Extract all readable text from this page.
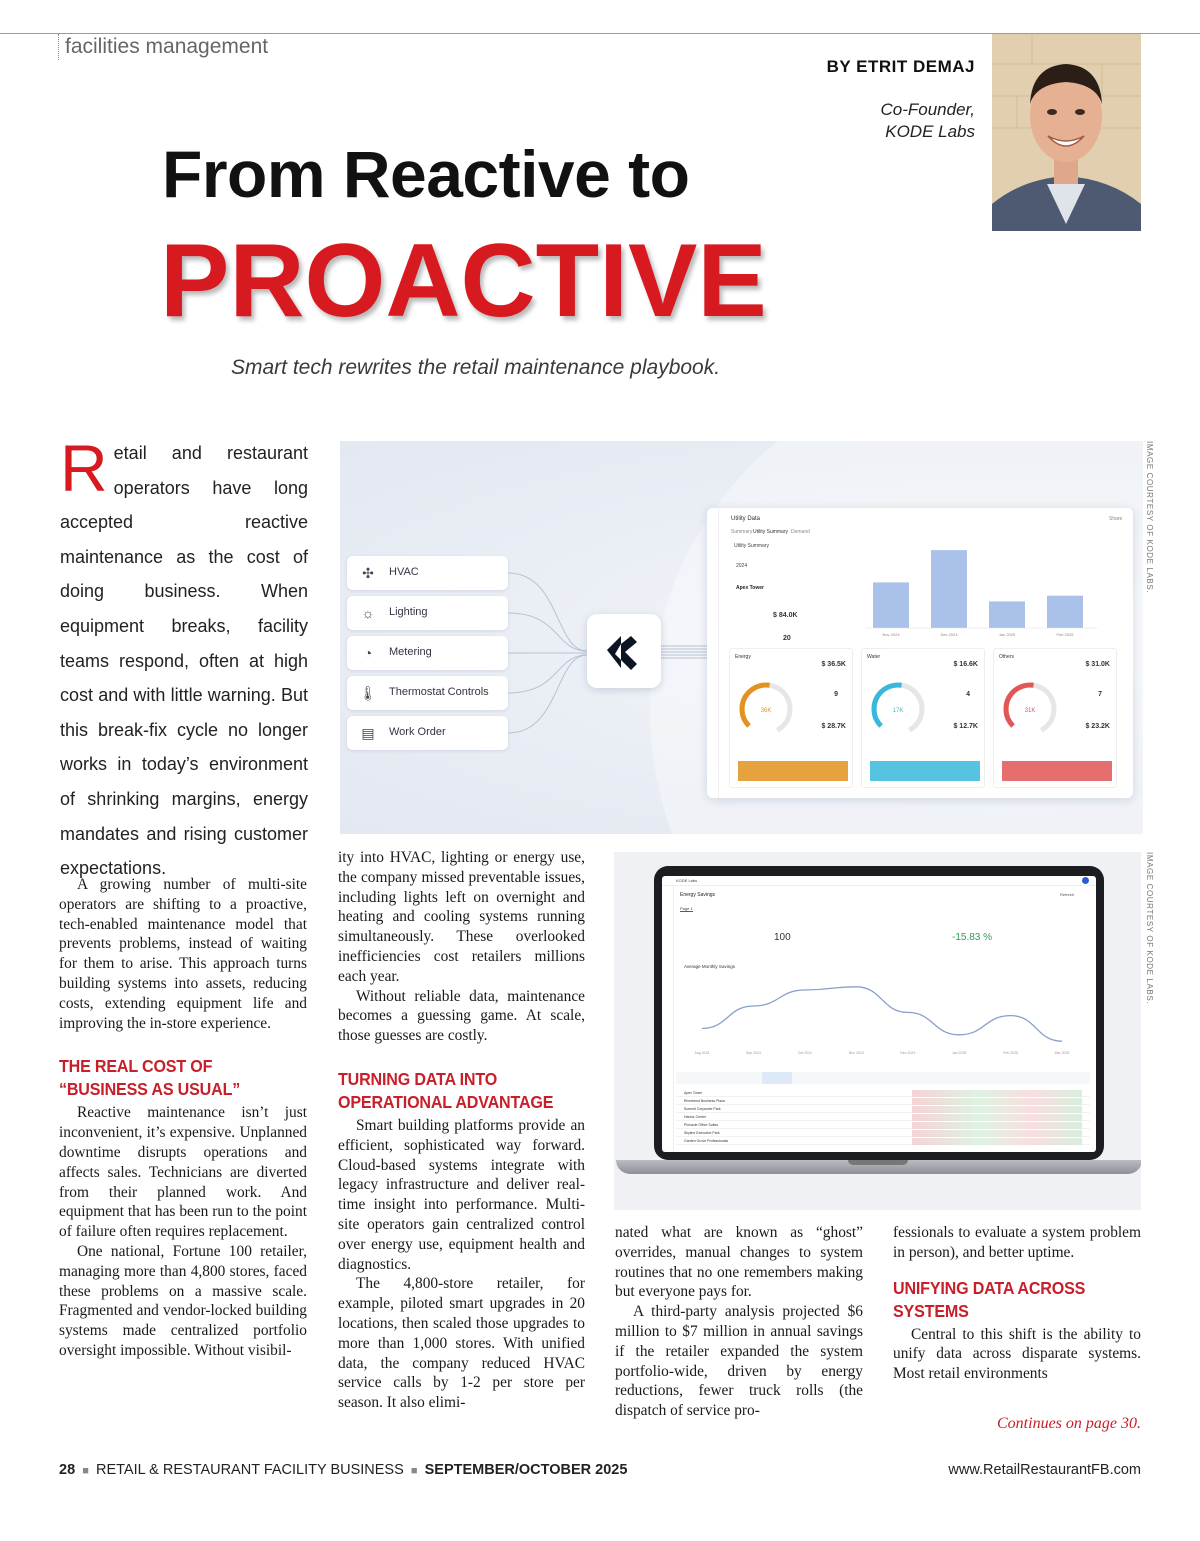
facilities management
BY ETRIT DEMAJ
Co-Founder,
KODE Labs
From Reactive to
PROACTIVE
Smart tech rewrites the retail maintenance playbook.
Retail and restaurant operators have long accepted reactive maintenance as the cost of doing business. When equipment breaks, facility teams respond, often at high cost and with little warning. But this break-fix cycle no longer works in today’s environment of shrinking margins, energy mandates and rising customer expectations.

A growing number of multi-site operators are shifting to a proactive, tech-enabled maintenance model that prevents problems, instead of waiting for them to arise. This approach turns building systems into assets, reducing costs, extending equipment life and improving the in-store experience.

THE REAL COST OF “BUSINESS AS USUAL”

Reactive maintenance isn’t just inconvenient, it’s expensive. Unplanned downtime disrupts operations and affects sales. Technicians are diverted from their planned work. And equipment that has been run to the point of failure often requires replacement.

One national, Fortune 100 retailer, managing more than 4,800 stores, faced these problems on a massive scale. Fragmented and vendor-locked building systems made centralized portfolio oversight impossible. Without visibil-

ity into HVAC, lighting or energy use, the company missed preventable issues, including lights left on overnight and heating and cooling systems running simultaneously. These overlooked inefficiencies cost retailers millions each year.

Without reliable data, maintenance becomes a guessing game. At scale, those guesses are costly.

TURNING DATA INTO OPERATIONAL ADVANTAGE

Smart building platforms provide an efficient, sophisticated way forward. Cloud-based systems integrate with legacy infrastructure and deliver real-time insight into performance. Multi-site operators gain centralized control over energy use, equipment health and diagnostics.

The 4,800-store retailer, for example, piloted smart upgrades in 20 locations, then scaled those upgrades to more than 1,000 stores. With unified data, the company reduced HVAC service calls by 1-2 per store per season. It also elimi-

nated what are known as “ghost” overrides, manual changes to system routines that no one remembers making but everyone pays for.

A third-party analysis projected $6 million to $7 million in annual savings if the retailer expanded the system portfolio-wide, driven by energy reductions, fewer truck rolls (the dispatch of service pro-

fessionals to evaluate a system problem in person), and better uptime.

UNIFYING DATA ACROSS SYSTEMS

Central to this shift is the ability to unify data across disparate systems. Most retail environments

Continues on page 30.
✣ HVAC
☼ Lighting
◔	Metering
🌡︎ Thermostat Controls
▤ Work Order
Utility Data	Share
Summary Utility Summary Demand
Utility Summary
2024
Apex Tower
$ 84.0K
20
Nov 2024	Dec 2024	Jan 2025	Feb 2025
Energy
$ 36.5K
9
$ 28.7K
36K
Water
$ 16.6K
4
$ 12.7K
17K
Others
$ 31.0K
7
$ 23.2K
31K
IMAGE COURTESY OF KODE LABS.
KODE Labs
Energy Savings	Refresh
Page 1
100	-15.83 %
Average Monthly Savings
Aug 2024	Sep 2024	Oct 2024	Nov 2024	Dec 2024	Jan 2025	Feb 2025	Mar 2025
Apex Tower
Riverbend Business Plaza
Summit Corporate Park
Harbor Center
Pinnacle Office Suites
Skyline Executive Park
Garden Grove Professionals
IMAGE COURTESY OF KODE LABS.
28  ■  RETAIL & RESTAURANT FACILITY BUSINESS  ■  SEPTEMBER/OCTOBER 2025	www.RetailRestaurantFB.com
